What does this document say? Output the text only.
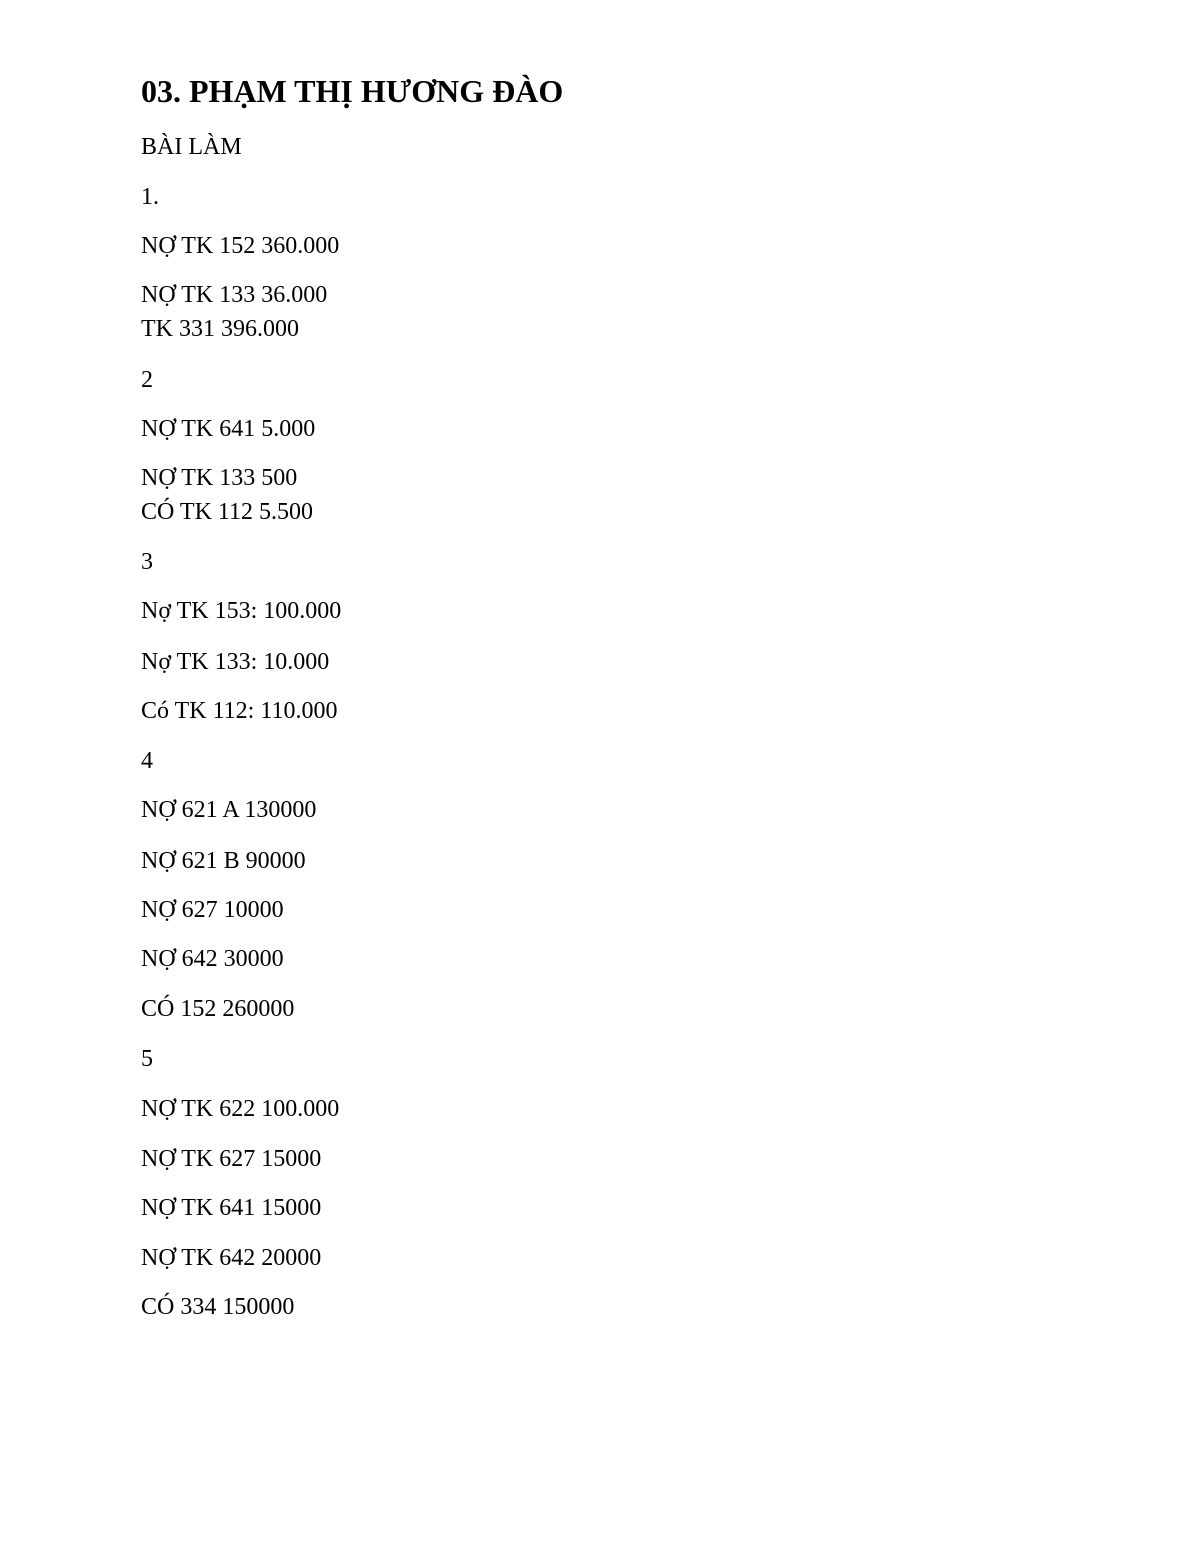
03. PHẠM THỊ HƯƠNG ĐÀO

BÀI LÀM

1.

NỢ TK 152 360.000

NỢ TK 133 36.000

TK 331 396.000

2

NỢ TK 641 5.000

NỢ TK 133 500

CÓ TK 112 5.500

3

Nợ TK 153: 100.000

Nợ TK 133: 10.000

Có TK 112: 110.000

4

NỢ 621 A 130000

NỢ 621 B 90000

NỢ 627 10000

NỢ 642 30000

CÓ 152 260000

5

NỢ TK 622 100.000

NỢ TK 627 15000

NỢ TK 641 15000

NỢ TK 642 20000

CÓ 334 150000
